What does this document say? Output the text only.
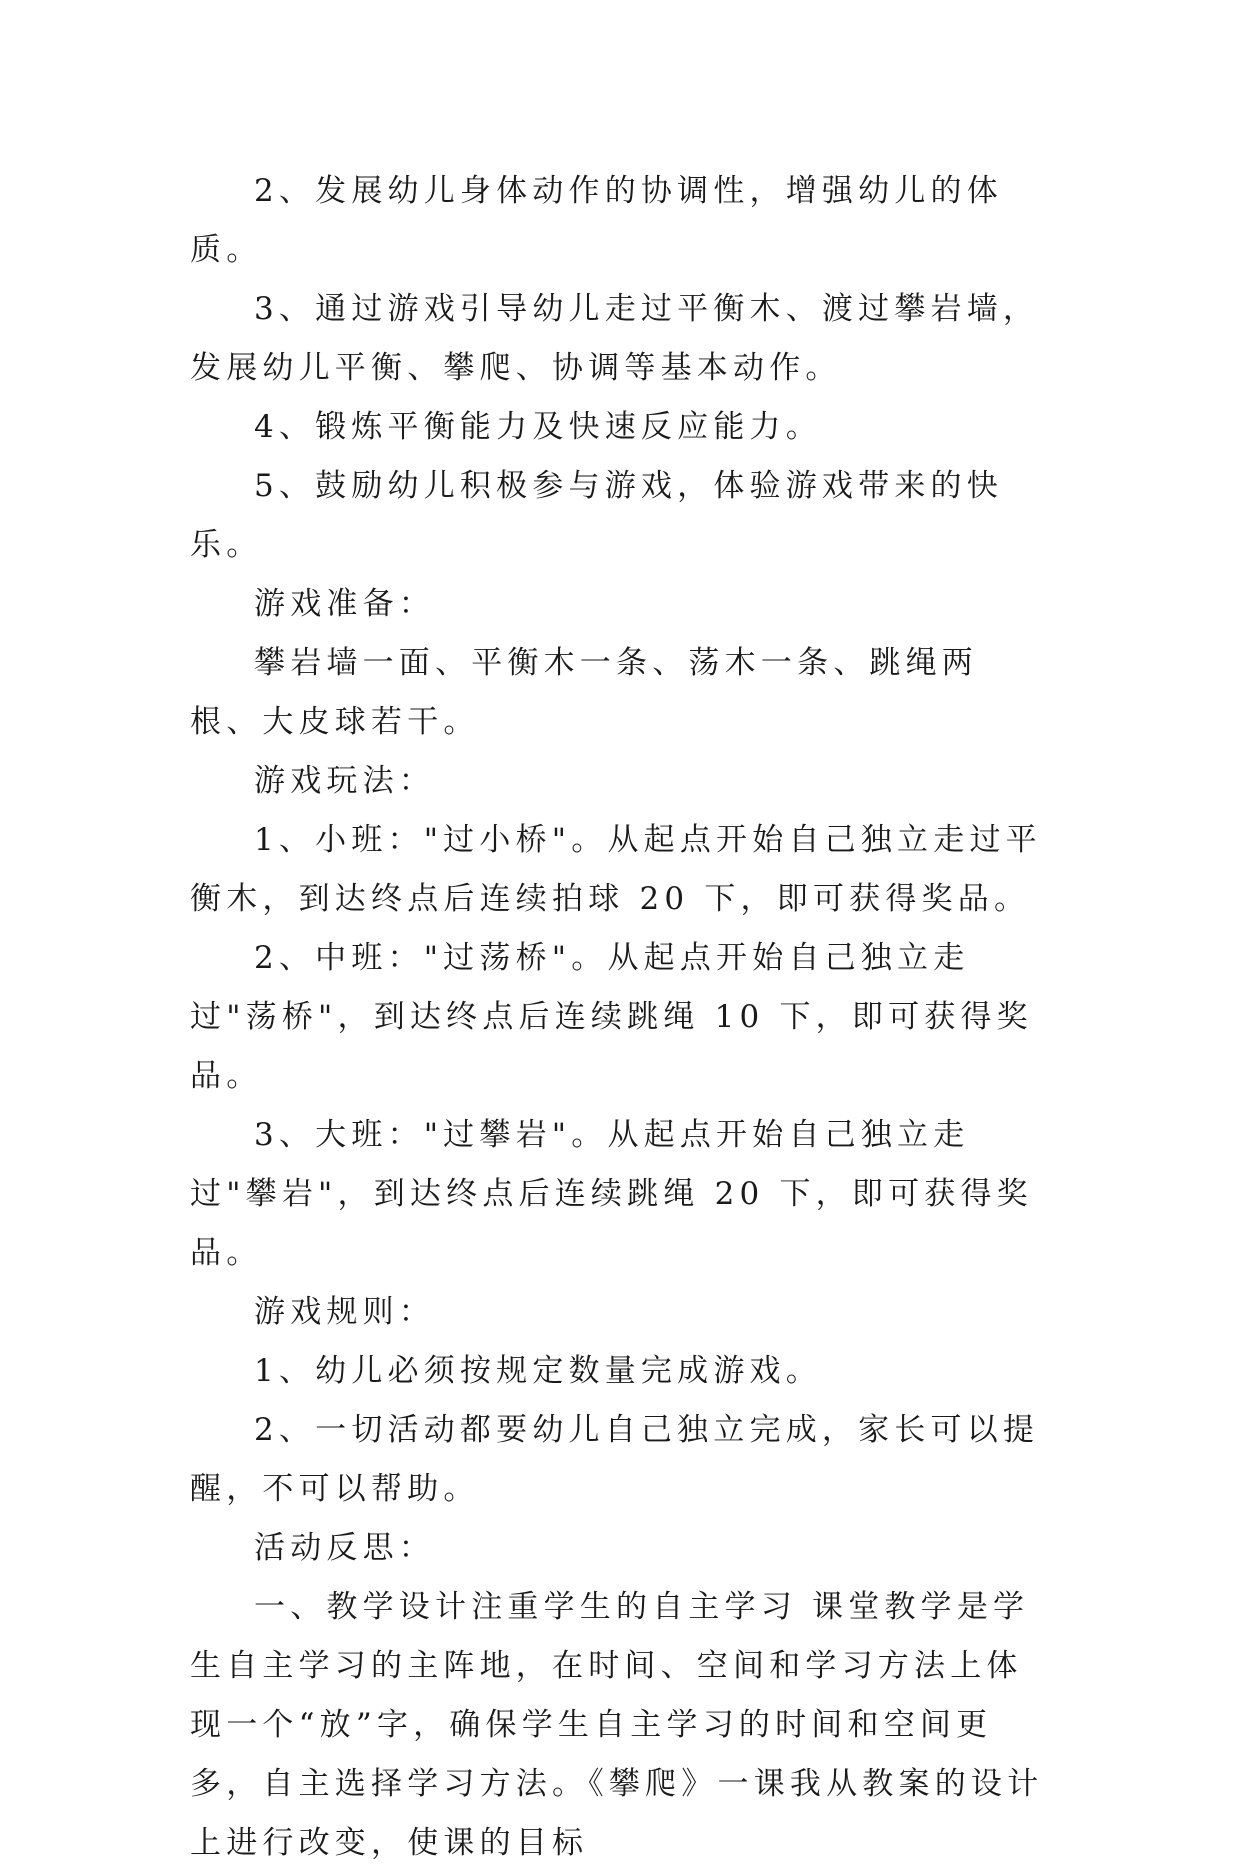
2、发展幼儿身体动作的协调性，增强幼儿的体质。

3、通过游戏引导幼儿走过平衡木、渡过攀岩墙，发展幼儿平衡、攀爬、协调等基本动作。

4、锻炼平衡能力及快速反应能力。

5、鼓励幼儿积极参与游戏，体验游戏带来的快乐。

游戏准备：

攀岩墙一面、平衡木一条、荡木一条、跳绳两根、大皮球若干。

游戏玩法：

1、小班："过小桥"。从起点开始自己独立走过平衡木，到达终点后连续拍球 20 下，即可获得奖品。

2、中班："过荡桥"。从起点开始自己独立走过"荡桥"，到达终点后连续跳绳 10 下，即可获得奖品。

3、大班："过攀岩"。从起点开始自己独立走过"攀岩"，到达终点后连续跳绳 20 下，即可获得奖品。

游戏规则：

1、幼儿必须按规定数量完成游戏。

2、一切活动都要幼儿自己独立完成，家长可以提醒，不可以帮助。

活动反思：

一、教学设计注重学生的自主学习 课堂教学是学生自主学习的主阵地，在时间、空间和学习方法上体现一个“放”字，确保学生自主学习的时间和空间更多，自主选择学习方法。《攀爬》一课我从教案的设计上进行改变，使课的目标
